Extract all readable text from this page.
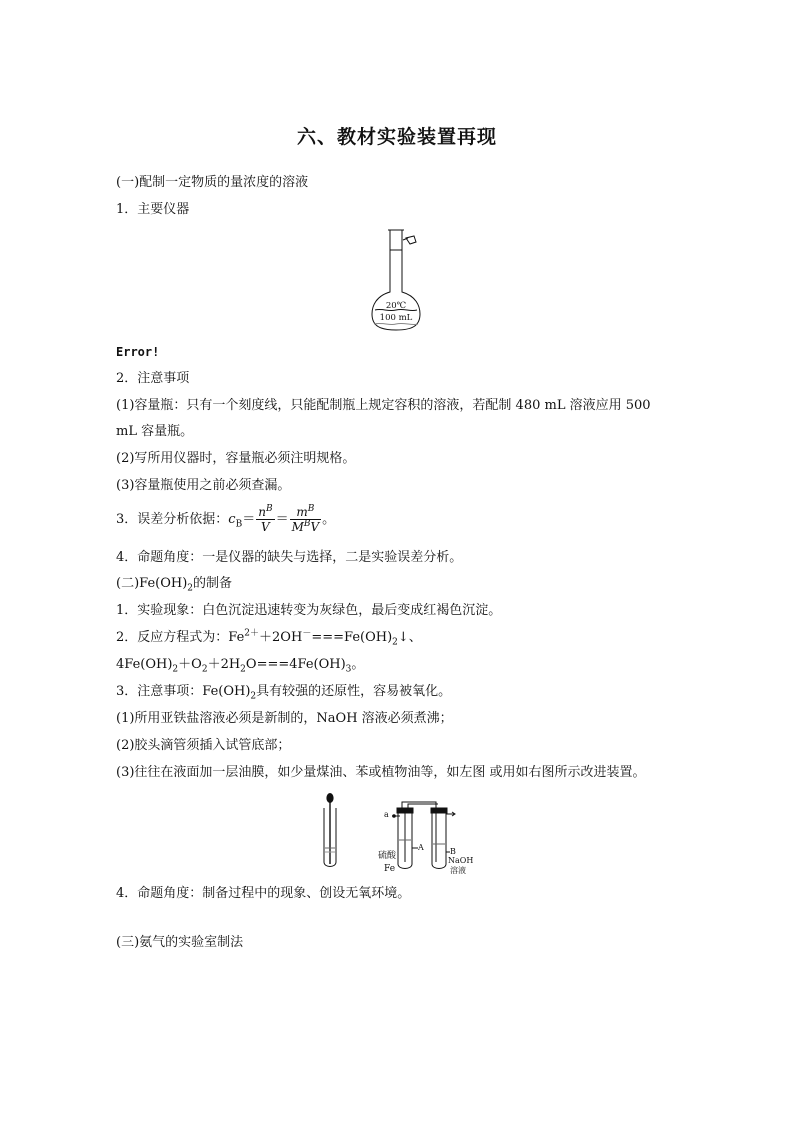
六、教材实验装置再现
(一)配制一定物质的量浓度的溶液
1．主要仪器
20℃
100 mL
Error!
2．注意事项
(1)容量瓶：只有一个刻度线，只能配制瓶上规定容积的溶液，若配制 480 mL 溶液应用 500
mL 容量瓶。
(2)写所用仪器时，容量瓶必须注明规格。
(3)容量瓶使用之前必须查漏。
3．误差分析依据：$c_B= \frac{n^B}{V} = \frac{m^B}{M^BV}$ 。
4．命题角度：一是仪器的缺失与选择，二是实验误差分析。
(二)$Fe(OH)_2$的制备
1．实验现象：白色沉淀迅速转变为灰绿色，最后变成红褐色沉淀。
2．反应方程式为：$Fe^{2+}+2OH^-===Fe(OH)_2↓$、
$4Fe(OH)_2+O_2+2H_2O===4Fe(OH)_3$。
3．注意事项：$Fe(OH)_2$具有较强的还原性，容易被氧化。
(1)所用亚铁盐溶液必须是新制的，NaOH 溶液必须煮沸；
(2)胶头滴管须插入试管底部；
(3)往往在液面加一层油膜，如少量煤油、苯或植物油等，如左图 或用如右图所示改进装置。
a
A	B
硫酸
Fe
NaOH
溶液
4．命题角度：制备过程中的现象、创设无氧环境。
(三)氨气的实验室制法
